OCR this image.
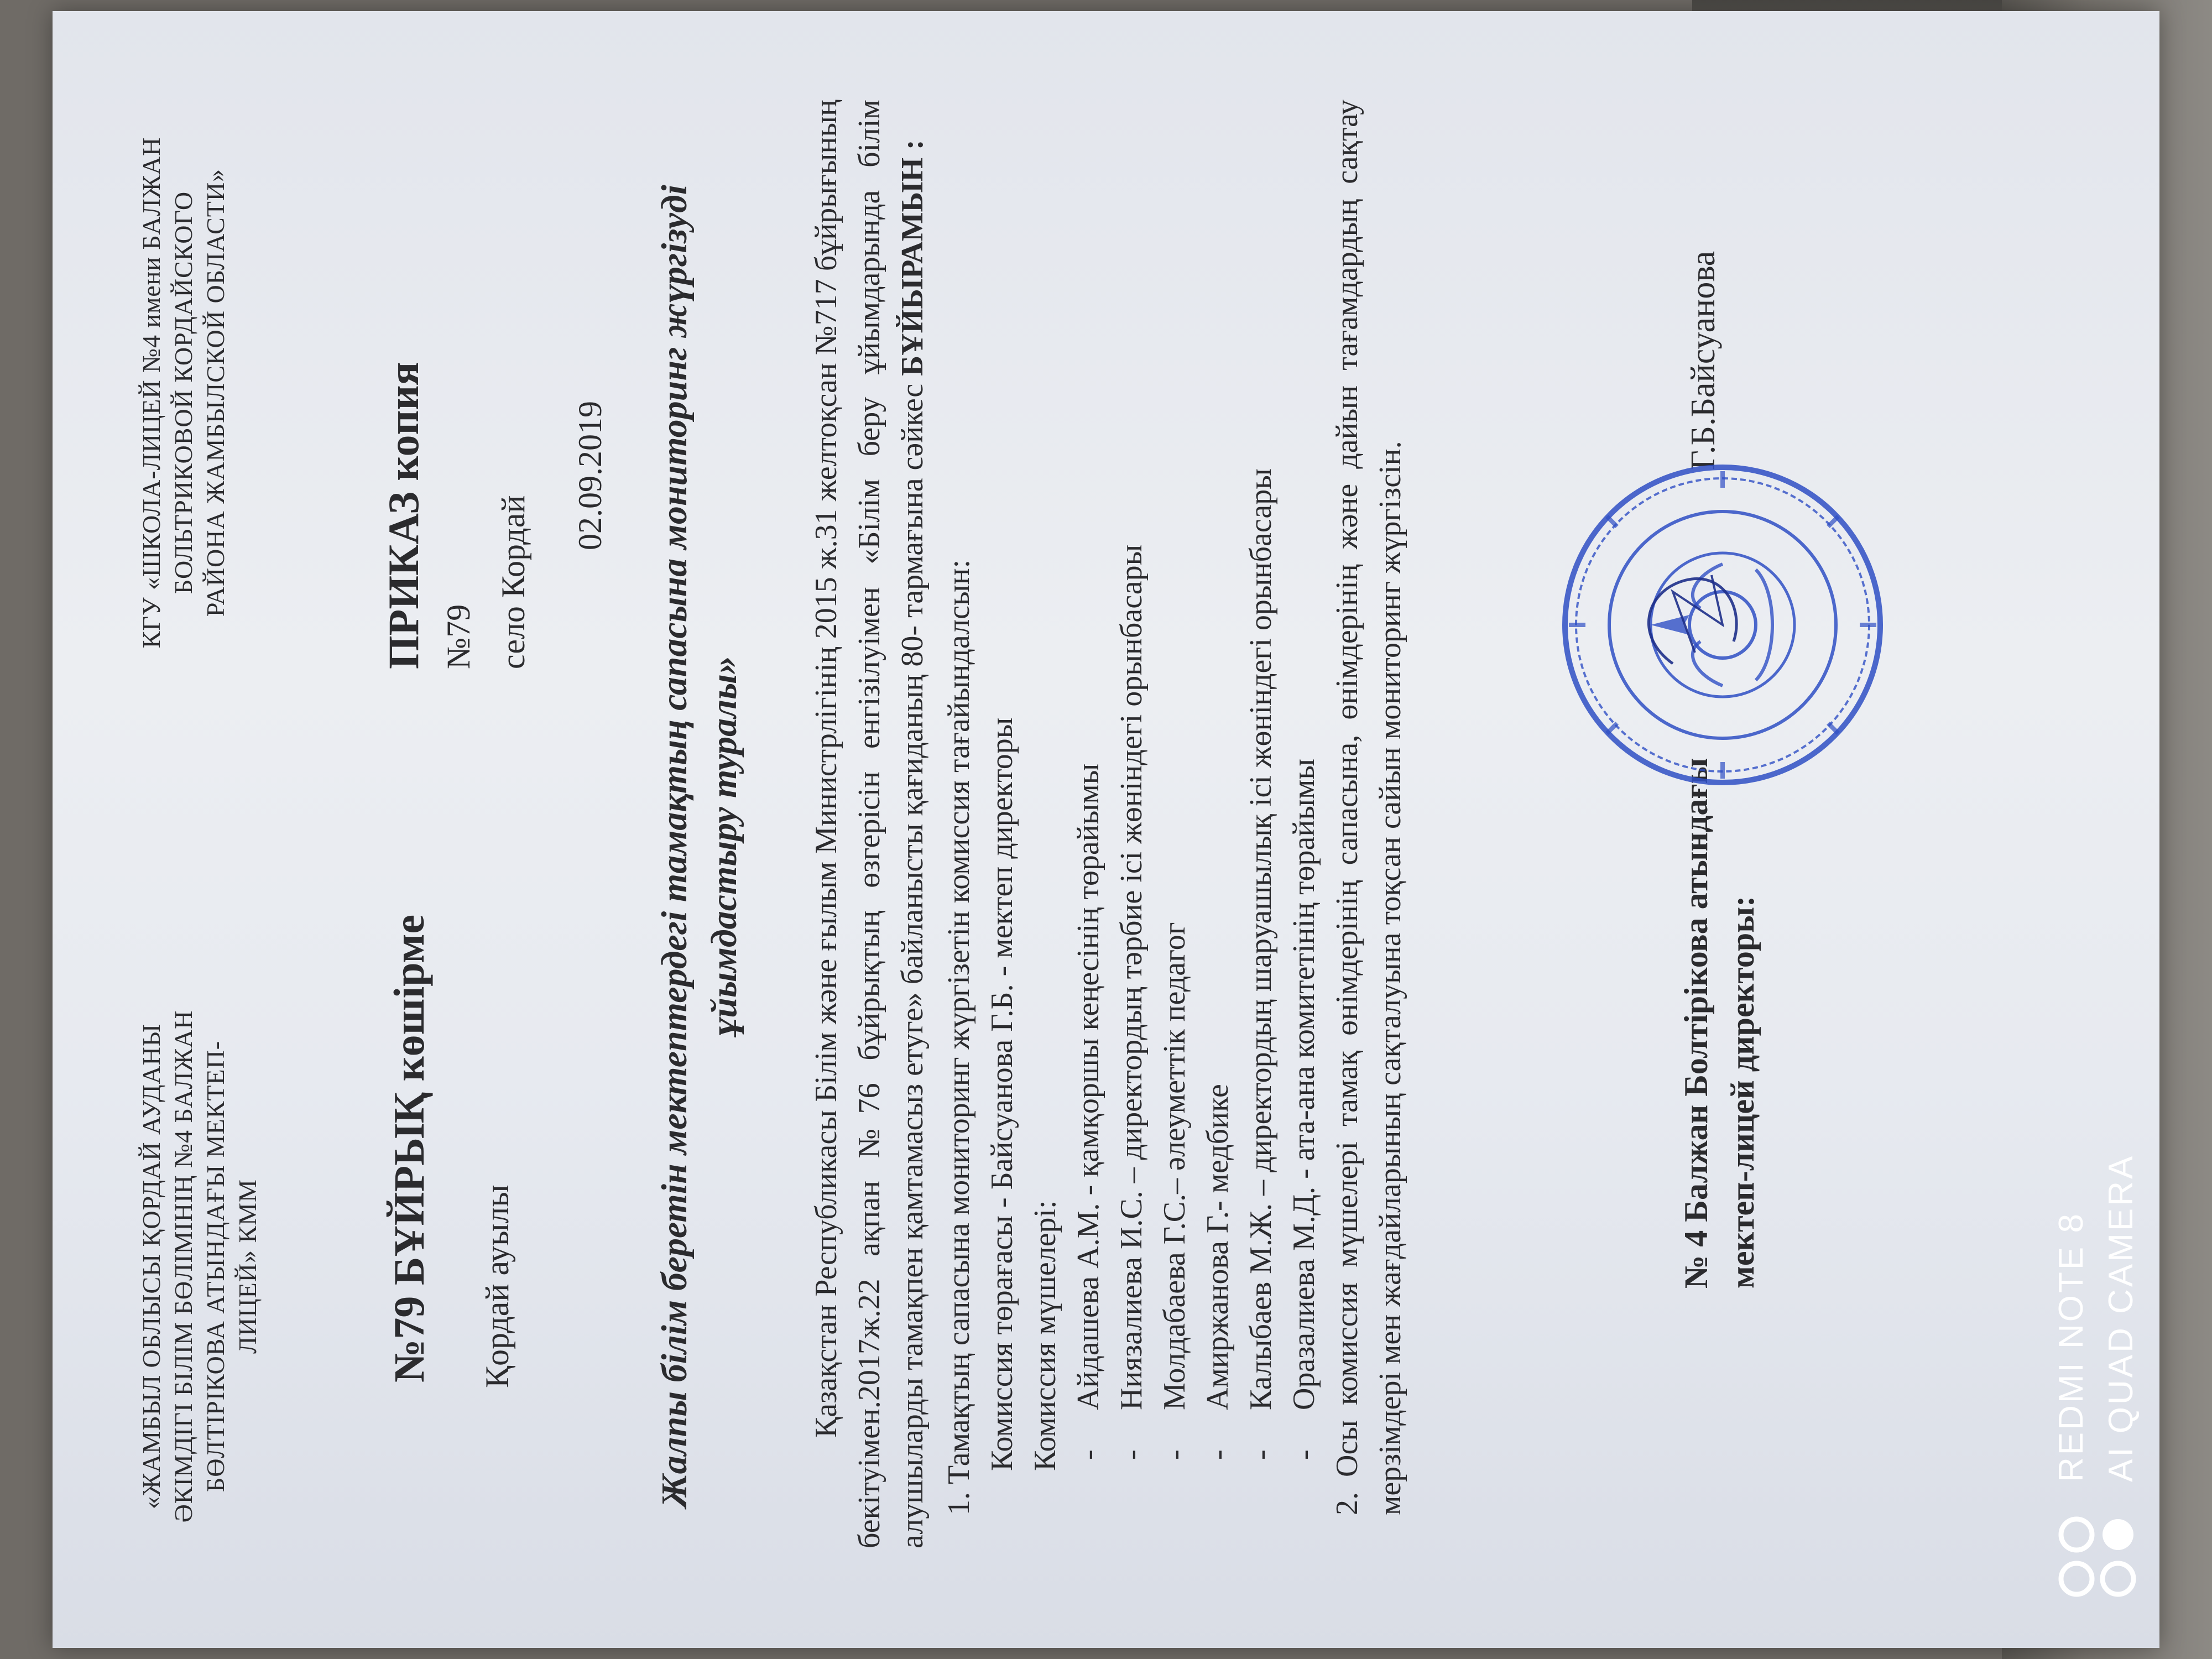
«ЖАМБЫЛ ОБЛЫСЫ ҚОРДАЙ АУДАНЫ ӘКІМДІГІ БІЛІМ БӨЛІМІНІҢ №4 БАЛЖАН БӨЛТІРІКОВА АТЫНДАҒЫ МЕКТЕП- ЛИЦЕЙ» КММ
КГУ «ШКОЛА-ЛИЦЕЙ №4 имени БАЛЖАН БОЛЬТРИКОВОЙ КОРДАЙСКОГО РАЙОНА ЖАМБЫЛСКОЙ ОБЛАСТИ»
№79 БҰЙРЫҚ көшірме Қордай ауылы
ПРИКАЗ копия №79 село Кордай
02.09.2019 Жалпы білім беретін мектептердегі тамақтың сапасына мониторинг жүргізуді ұйымдастыру туралы» Қазақстан Республикасы Білім және ғылым Министрлігінің 2015 ж.31 желтоқсан №717 бұйрығының бекітуімен.2017ж.22 ақпан №76 бұйрықтың өзгерісін енгізілуімен «Білім беру ұйымдарында білім алушыларды тамақпен қамтамасыз етуге» байланысты қағиданың 80- тармағына сәйкес БҰЙЫРАМЫН :

1. Тамақтың сапасына мониторинг жүргізетін комиссия тағайындалсын: Комиссия төрағасы - Байсуанова Г.Б. - мектеп директоры Комиссия мүшелері: -Айдашева А.М. - қамқоршы кеңесінің төрайымы

-Ниязалиева И.С. – директордың тәрбие ісі жөніндегі орынбасары

-Молдабаева Г.С.– әлеуметтік педагог

-Амиржанова Г.- медбике

-Калыбаев М.Ж. – директордың шаруашылық ісі жөніндегі орынбасары

-Оразалиева М.Д. - ата-ана комитетінің төрайымы 2. Осы комиссия мүшелері тамақ өнімдерінің сапасына, өнімдерінің және дайын тағамдардың сақтау мерзімдері мен жағдайларының сақталуына тоқсан сайын мониторинг жүргізсін.	№ 4 Балжан Болтірікова атындағы мектеп-лицей директоры:
Г.Б.Байсуанова
REDMI NOTE 8 AI QUAD CAMERA
